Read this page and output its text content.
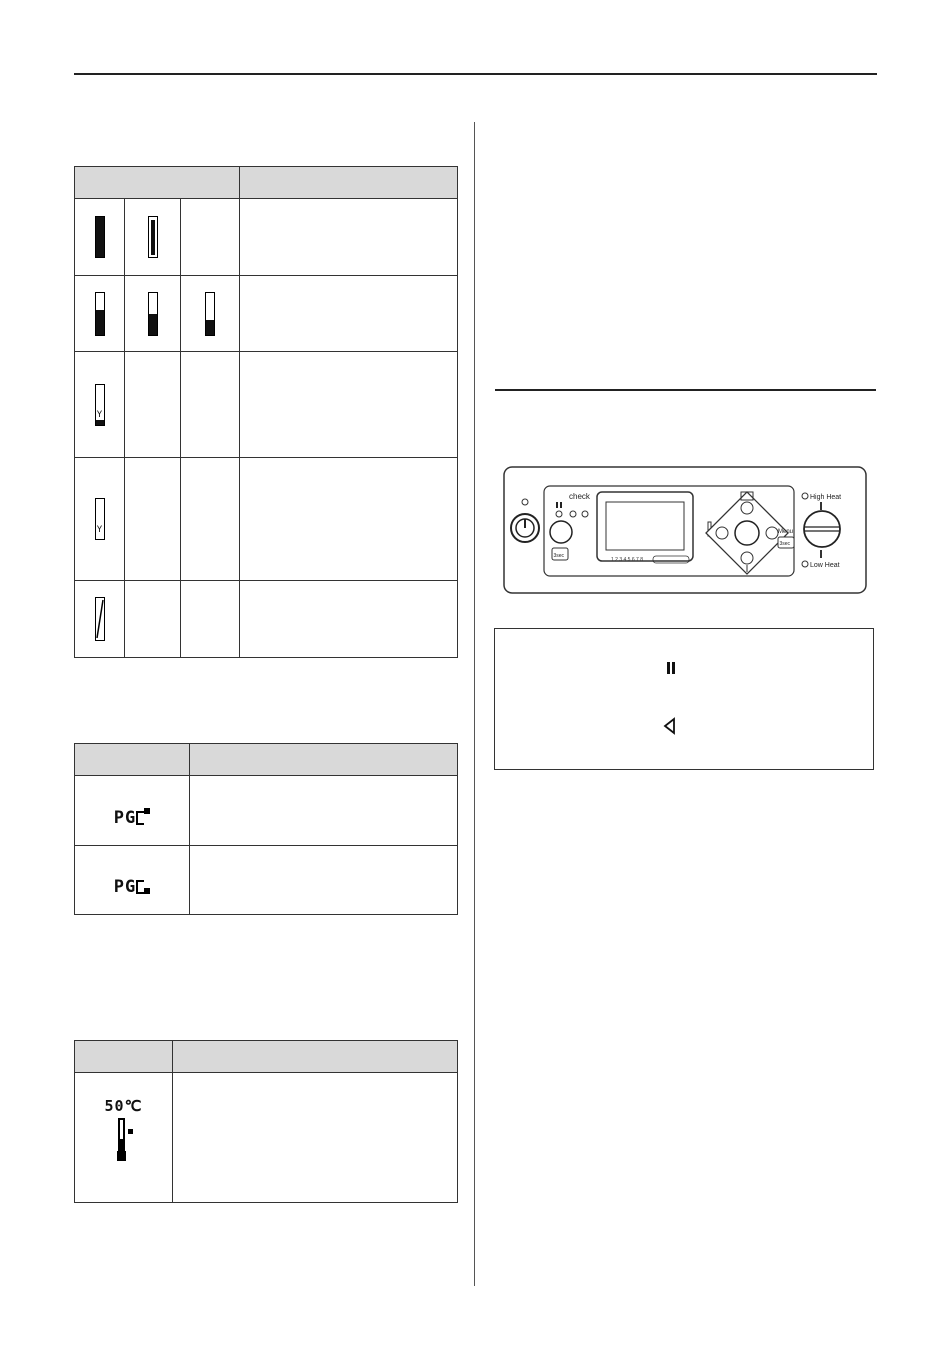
Y			

Y			

PG	

PG	

50℃	

check
3sec
1 2 3 4 5 6 7 8
Menu
3sec
High Heat
Low Heat
